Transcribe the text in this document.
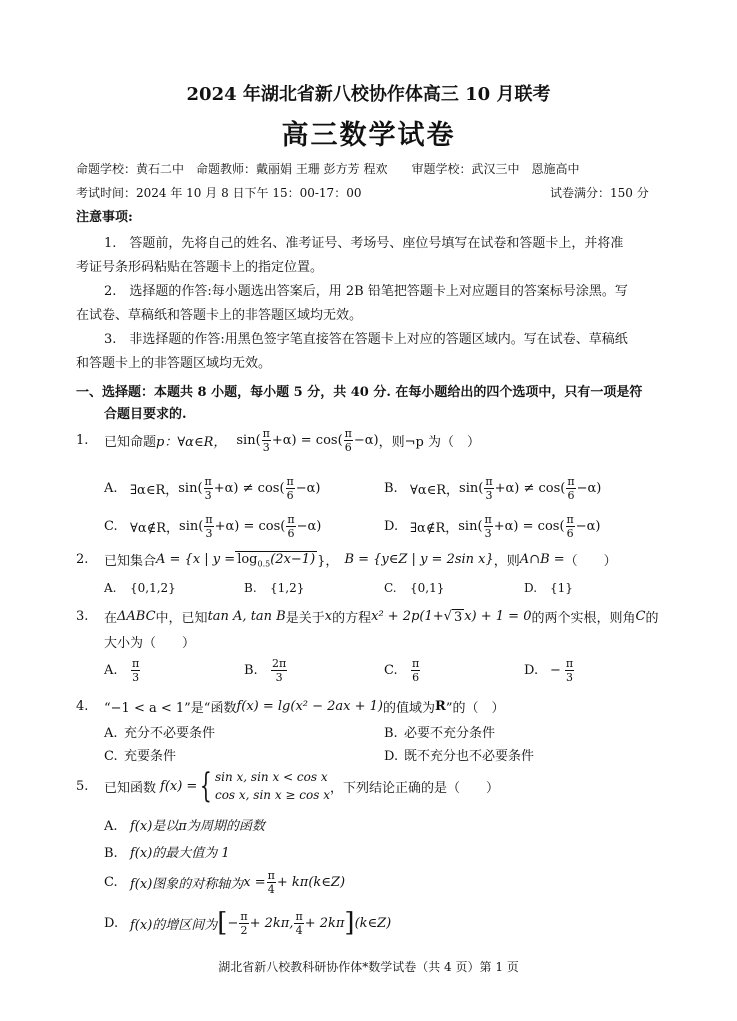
2024 年湖北省新八校协作体高三 10 月联考
高三数学试卷
命题学校：黄石二中　命题教师：戴丽娟 王珊 彭方芳 程欢　　审题学校：武汉三中　恩施高中
考试时间：2024 年 10 月 8 日下午 15：00-17：00	试卷满分：150 分
注意事项:
1.　答题前，先将自己的姓名、准考证号、考场号、座位号填写在试卷和答题卡上，并将准
考证号条形码粘贴在答题卡上的指定位置。
2.　选择题的作答:每小题选出答案后，用 2B 铅笔把答题卡上对应题目的答案标号涂黑。写
在试卷、草稿纸和答题卡上的非答题区域均无效。
3.　非选择题的作答:用黑色签字笔直接答在答题卡上对应的答题区域内。写在试卷、草稿纸
和答题卡上的非答题区域均无效。
一、选择题：本题共 8 小题，每小题 5 分，共 40 分. 在每小题给出的四个选项中，只有一项是符
合题目要求的.
1.	已知命题 p：∀α∈R， $\sin( \frac{\pi}{3} +\alpha) = \cos( \frac{\pi}{6} -\alpha)$ ，则¬p 为（　）
A. ∃α∈R， $\sin( \frac{\pi}{3} +\alpha) \ne \cos( \frac{\pi}{6} -\alpha)$	B. ∀α∈R， $\sin( \frac{\pi}{3} +\alpha) \ne \cos( \frac{\pi}{6} -\alpha)$
C. ∀α∉R， $\sin( \frac{\pi}{3} +\alpha) = \cos( \frac{\pi}{6} -\alpha)$	D. ∃α∉R， $\sin( \frac{\pi}{3} +\alpha) = \cos( \frac{\pi}{6} -\alpha)$
2.	已知集合 A = {x | $y = \log_{0.5}(2x-1)$ }， B = {y∈Z | y = 2sin x} ，则 A∩B = （　　）
A. {0,1,2}	B. {1,2}	C. {0,1}	D. {1}
3.	在 ΔABC 中，已知 tan A, tan B 是关于 x 的方程 x² + 2p(1+ √ 3 x) + 1 = 0 的两个实根，则角 C 的
大小为（　　）
A.	$\frac{\pi}{3}$	B.	$\frac{2\pi}{3}$	C.	$\frac{\pi}{6}$	D. − $\frac{\pi}{3}$
4.	“−1 < a < 1”是“函数 f(x) = lg(x² − 2ax + 1) 的值域为 R ”的（　）
A. 充分不必要条件	B. 必要不充分条件
C. 充要条件	D. 既不充分也不必要条件
5.	已知函数 f(x) = { sin x, sin x < cos x
cos x, sin x ≥ cos x ，下列结论正确的是（　　）
A. f(x)是以π为周期的函数
B. f(x)的最大值为 1
C. f(x)图象的对称轴为 $x = \frac{\pi}{4}$ + kπ(k∈Z)
D. f(x)的增区间为 [ − $\frac{\pi}{2} + 2k\pi$, $\frac{\pi}{4} + 2k\pi$ ] (k∈Z)
湖北省新八校教科研协作体*数学试卷（共 4 页）第 1 页
